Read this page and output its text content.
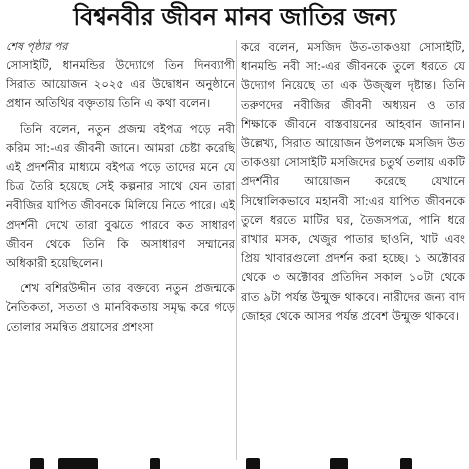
বিশ্বনবীর জীবন মানব জাতির জন্য
শেষ পৃষ্ঠার পর

সোসাইটি, ধানমন্ডির উদ্যোগে তিন দিনব্যাপী সিরাত আয়োজন ২০২৫ এর উদ্বোধন অনুষ্ঠানে প্রধান অতিথির বক্তৃতায় তিনি এ কথা বলেন।

তিনি বলেন, নতুন প্রজন্ম বইপত্র পড়ে নবী করিম সা:-এর জীবনী জানে। আমরা চেষ্টা করেছি এই প্রদর্শনীর মাধ্যমে বইপত্র পড়ে তাদের মনে যে চিত্র তৈরি হয়েছে সেই কল্পনার সাথে যেন তারা নবীজির যাপিত জীবনকে মিলিয়ে নিতে পারে। এই প্রদর্শনী দেখে তারা বুঝতে পারবে কত সাধারণ জীবন থেকে তিনি কি অসাধারণ সম্মানের অধিকারী হয়েছিলেন।

শেখ বশিরউদ্দীন তার বক্তব্যে নতুন প্রজন্মকে নৈতিকতা, সততা ও মানবিকতায় সমৃদ্ধ করে গড়ে তোলার সমন্বিত প্রয়াসের প্রশংসা

করে বলেন, মসজিদ উত-তাকওয়া সোসাইটি, ধানমন্ডি নবী সা:-এর জীবনকে তুলে ধরতে যে উদ্যোগ নিয়েছে তা এক উজ্জ্বল দৃষ্টান্ত। তিনি তরুণদের নবীজির জীবনী অধ্যয়ন ও তার শিক্ষাকে জীবনে বাস্তবায়নের আহবান জানান। উল্লেখ্য, সিরাত আয়োজন উপলক্ষে মসজিদ উত তাকওয়া সোসাইটি মসজিদের চতুর্থ তলায় একটি প্রদর্শনীর আয়োজন করেছে যেখানে সিম্বোলিকভাবে মহানবী সা:এর যাপিত জীবনকে তুলে ধরতে মাটির ঘর, তৈজসপত্র, পানি ধরে রাখার মসক, খেজুর পাতার ছাওনি, খাট এবং প্রিয় খাবারগুলো প্রদর্শন করা হচ্ছে। ১ অক্টোবর থেকে ৩ অক্টোবর প্রতিদিন সকাল ১০টা থেকে রাত ৯টা পর্যন্ত উন্মুক্ত থাকবে। নারীদের জন্য বাদ জোহর থেকে আসর পর্যন্ত প্রবেশ উন্মুক্ত থাকবে।
